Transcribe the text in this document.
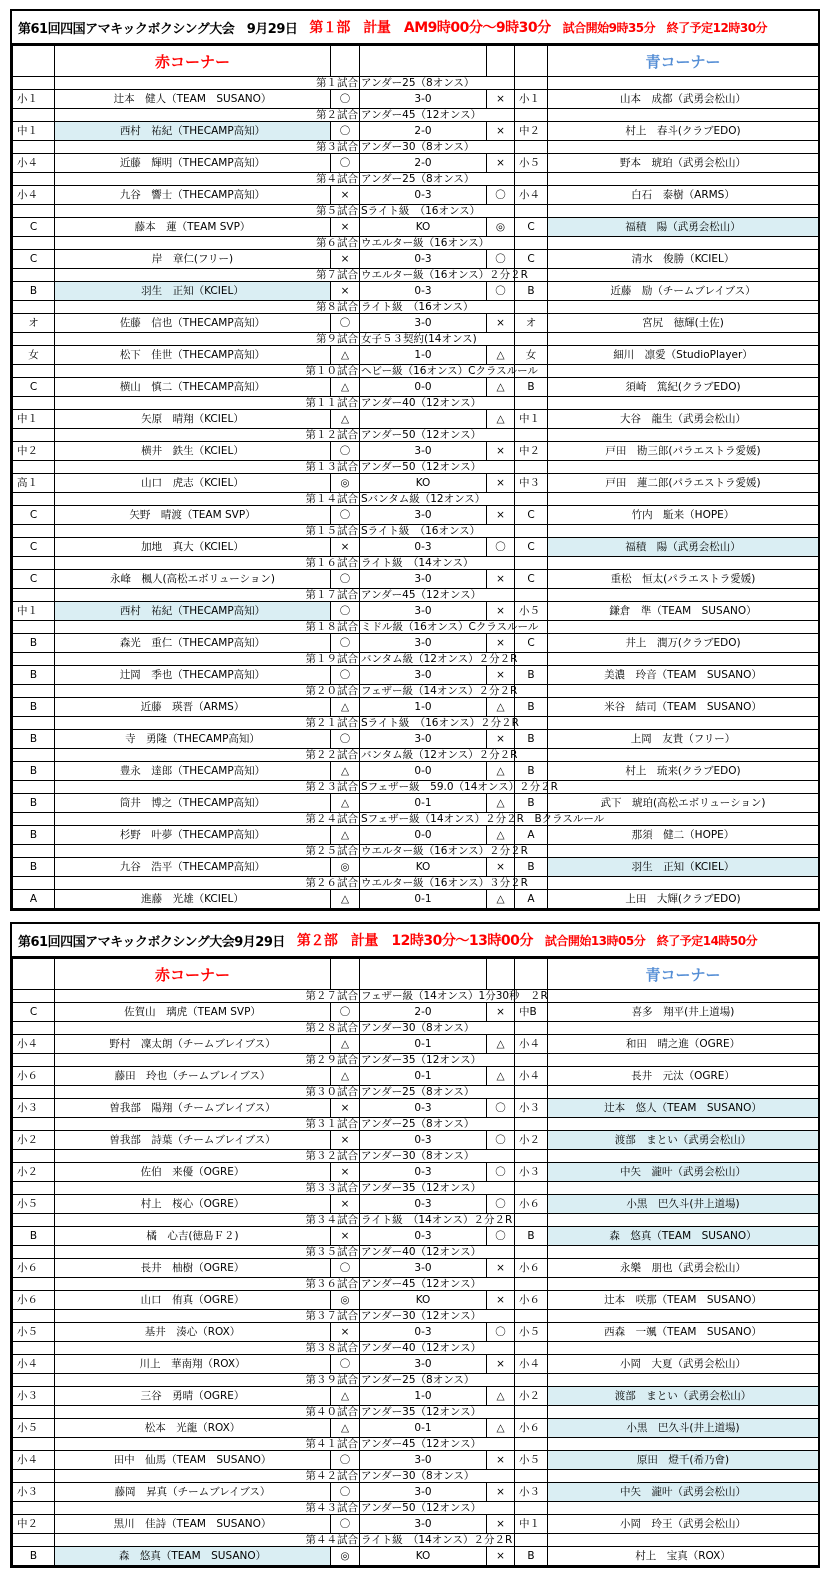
第61回四国アマキックボクシング大会　9月29日 第１部　計量　AM9時00分～9時30分 試合開始9時35分　終了予定12時30分
	赤コーナー					青コーナー
	第１試合		アンダー25（8オンス）			
小１	辻本　健人（TEAM　SUSANO）	〇	3-0	×	小１	山本　成都（武勇会松山）
	第２試合		アンダー45（12オンス）			
中１	西村　祐紀（THECAMP高知）	〇	2-0	×	中２	村上　春斗(クラブEDO)
	第３試合		アンダー30（8オンス）			
小４	近藤　輝明（THECAMP高知）	〇	2-0	×	小５	野本　琥珀（武勇会松山）
	第４試合		アンダー25（8オンス）			
小４	九谷　響士（THECAMP高知）	×	0-3	〇	小４	白石　泰樹（ARMS）
	第５試合		Sライト級　（16オンス）			
C	藤本　蓮（TEAM SVP）	×	KO	◎	C	福積　陽（武勇会松山）
	第６試合		ウエルター級（16オンス）			
C	岸　章仁(フリー)	×	0-3	〇	C	清水　俊勝（KCIEL）
	第７試合		ウエルター級（16オンス）２分２R			
B	羽生　正知（KCIEL）	×	0-3	〇	B	近藤　励（チームブレイブス）
	第８試合		ライト級　（16オンス）			
オ	佐藤　信也（THECAMP高知）	〇	3-0	×	オ	宮尻　徳輝(土佐)
	第９試合		女子５３契約(14オンス)			
女	松下　佳世（THECAMP高知）	△	1-0	△	女	細川　凛愛（StudioPlayer）
	第１０試合		ヘビー級（16オンス）Cクラスルール			
C	横山　慎二（THECAMP高知）	△	0-0	△	B	須崎　篤紀(クラブEDO)
	第１１試合		アンダー40（12オンス）			
中１	矢原　晴翔（KCIEL）	△		△	中１	大谷　龍生（武勇会松山）
	第１２試合		アンダー50（12オンス）			
中２	横井　鉄生（KCIEL）	〇	3-0	×	中２	戸田　勘三郎(パラエストラ愛媛)
	第１３試合		アンダー50（12オンス）			
高１	山口　虎志（KCIEL）	◎	KO	×	中３	戸田　蓮二郎(パラエストラ愛媛)
	第１４試合		Sバンタム級（12オンス）			
C	矢野　晴渡（TEAM SVP）	〇	3-0	×	C	竹内　駈来（HOPE）
	第１５試合		Sライト級　（16オンス）			
C	加地　真大（KCIEL）	×	0-3	〇	C	福積　陽（武勇会松山）
	第１６試合		ライト級　（14オンス）			
C	永峰　楓人(高松エボリューション)	〇	3-0	×	C	重松　恒太(パラエストラ愛媛)
	第１７試合		アンダー45（12オンス）			
中１	西村　祐紀（THECAMP高知）	〇	3-0	×	小５	鎌倉　準（TEAM　SUSANO）
	第１８試合		ミドル級（16オンス）Cクラスルール			
B	森光　重仁（THECAMP高知）	〇	3-0	×	C	井上　潤万(クラブEDO)
	第１９試合		バンタム級（12オンス）２分２R			
B	辻岡　季也（THECAMP高知）	〇	3-0	×	B	美濃　玲音（TEAM　SUSANO）
	第２０試合		フェザー級（14オンス）２分２R			
B	近藤　瑛晋（ARMS）	△	1-0	△	B	米谷　結司（TEAM　SUSANO）
	第２１試合		Sライト級　（16オンス）２分２R			
B	寺　勇隆（THECAMP高知）	〇	3-0	×	B	上岡　友貴（フリー）
	第２２試合		バンタム級（12オンス）２分２R			
B	豊永　達郎（THECAMP高知）	△	0-0	△	B	村上　琉来(クラブEDO)
	第２３試合		Sフェザー級　59.0（14オンス）２分２R			
B	筒井　博之（THECAMP高知）	△	0-1	△	B	武下　琥珀(高松エボリューション)
	第２４試合		Sフェザー級（14オンス）２分２R　Bクラスルール			
B	杉野　叶夢（THECAMP高知）	△	0-0	△	A	那須　健二（HOPE）
	第２５試合		ウエルター級（16オンス）２分２R			
B	九谷　浩平（THECAMP高知）	◎	KO	×	B	羽生　正知（KCIEL）
	第２６試合		ウエルター級（16オンス）３分２R			
A	進藤　光雄（KCIEL）	△	0-1	△	A	上田　大輝(クラブEDO)
第61回四国アマキックボクシング大会9月29日 第２部　計量　12時30分～13時00分 試合開始13時05分　終了予定14時50分
	赤コーナー					青コーナー
	第２７試合		フェザー級（14オンス）1分30秒　２R			
C	佐賀山　璃虎（TEAM SVP）	〇	2-0	×	中B	喜多　翔平(井上道場)
	第２８試合		アンダー30（8オンス）			
小４	野村　凜太朗（チームブレイブス）	△	0-1	△	小４	和田　晴之進（OGRE）
	第２９試合		アンダー35（12オンス）			
小６	藤田　玲也（チームブレイブス）	△	0-1	△	小４	長井　元汰（OGRE）
	第３０試合		アンダー25（8オンス）			
小３	曽我部　陽翔（チームブレイブス）	×	0-3	〇	小３	辻本　悠人（TEAM　SUSANO）
	第３１試合		アンダー25（8オンス）			
小２	曽我部　詩葉（チームブレイブス）	×	0-3	〇	小２	渡部　まとい（武勇会松山）
	第３２試合		アンダー30（8オンス）			
小２	佐伯　来優（OGRE）	×	0-3	〇	小３	中矢　瀧叶（武勇会松山）
	第３３試合		アンダー35（12オンス）			
小５	村上　桜心（OGRE）	×	0-3	〇	小６	小黒　巴久斗(井上道場)
	第３４試合		ライト級　（14オンス）２分２R			
B	橘　心吉(徳島Ｆ２)	×	0-3	〇	B	森　悠真（TEAM　SUSANO）
	第３５試合		アンダー40（12オンス）			
小６	長井　柚樹（OGRE）	〇	3-0	×	小６	永樂　朋也（武勇会松山）
	第３６試合		アンダー45（12オンス）			
小６	山口　侑真（OGRE）	◎	KO	×	小６	辻本　咲那（TEAM　SUSANO）
	第３７試合		アンダー30（12オンス）			
小５	基井　湊心（ROX）	×	0-3	〇	小５	西森　一颯（TEAM　SUSANO）
	第３８試合		アンダー40（12オンス）			
小４	川上　華南翔（ROX）	〇	3-0	×	小４	小岡　大夏（武勇会松山）
	第３９試合		アンダー25（8オンス）			
小３	三谷　勇晴（OGRE）	△	1-0	△	小２	渡部　まとい（武勇会松山）
	第４０試合		アンダー35（12オンス）			
小５	松本　光龍（ROX）	△	0-1	△	小６	小黒　巴久斗(井上道場)
	第４１試合		アンダー45（12オンス）			
小４	田中　仙馬（TEAM　SUSANO）	〇	3-0	×	小５	原田　燈千(希乃會)
	第４２試合		アンダー30（8オンス）			
小３	藤岡　昇真（チームブレイブス）	〇	3-0	×	小３	中矢　瀧叶（武勇会松山）
	第４３試合		アンダー50（12オンス）			
中２	黒川　佳詩（TEAM　SUSANO）	〇	3-0	×	中１	小岡　玲王（武勇会松山）
	第４４試合		ライト級　（14オンス）２分２R			
B	森　悠真（TEAM　SUSANO）	◎	KO	×	B	村上　宝真（ROX）
